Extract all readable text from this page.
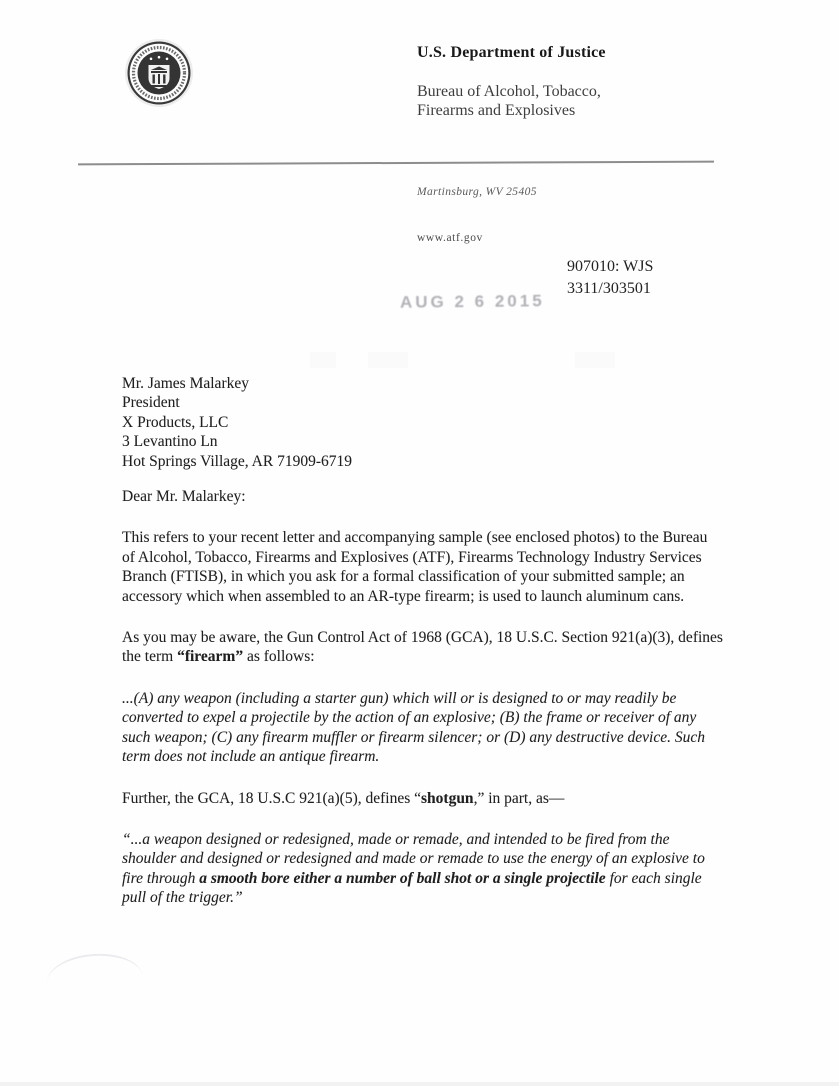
U.S. Department of Justice
Bureau of Alcohol, Tobacco,
Firearms and Explosives
Martinsburg, WV 25405
www.atf.gov
907010: WJS
3311/303501
AUG 2 6 2015
Mr. James Malarkey
President
X Products, LLC
3 Levantino Ln
Hot Springs Village, AR 71909-6719

Dear Mr. Malarkey:

This refers to your recent letter and accompanying sample (see enclosed photos) to the Bureau of Alcohol, Tobacco, Firearms and Explosives (ATF), Firearms Technology Industry Services Branch (FTISB), in which you ask for a formal classification of your submitted sample; an accessory which when assembled to an AR-type firearm; is used to launch aluminum cans.

As you may be aware, the Gun Control Act of 1968 (GCA), 18 U.S.C. Section 921(a)(3), defines the term “firearm” as follows:

...(A) any weapon (including a starter gun) which will or is designed to or may readily be converted to expel a projectile by the action of an explosive; (B) the frame or receiver of any such weapon; (C) any firearm muffler or firearm silencer; or (D) any destructive device. Such term does not include an antique firearm.

Further, the GCA, 18 U.S.C 921(a)(5), defines “shotgun,” in part, as—

“...a weapon designed or redesigned, made or remade, and intended to be fired from the shoulder and designed or redesigned and made or remade to use the energy of an explosive to fire through a smooth bore either a number of ball shot or a single projectile for each single pull of the trigger.”
